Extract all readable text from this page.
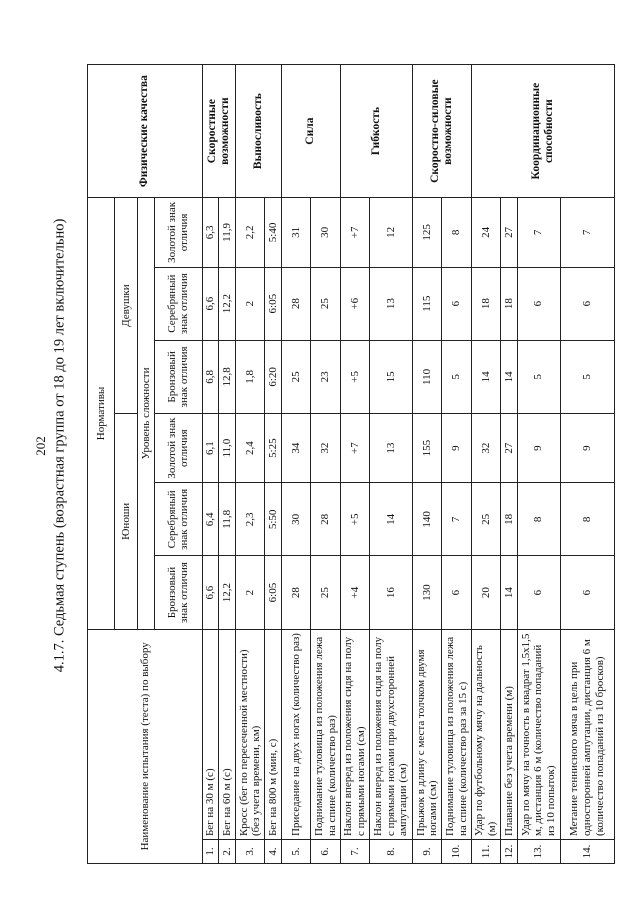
202 4.1.7. Седьмая ступень (возрастная группа от 18 до 19 лет включительно)
Наименование испытания (теста) по выбору		Нормативы						Физические качества
		Юноши			Девушки			
		Уровень сложности						
		Бронзовый знак отличия	Серебряный знак отличия	Золотой знак отличия	Бронзовый знак отличия	Серебряный знак отличия	Золотой знак отличия	
1.	Бег на 30 м (с)	6,6	6,4	6,1	6,8	6,6	6,3	Скоростные возможности
2.	Бег на 60 м (с)	12,2	11,8	11,0	12,8	12,2	11,9	
3.	Кросс (бег по пересеченной местности) (без учета времени, км)	2	2,3	2,4	1,8	2	2,2	Выносливость
4.	Бег на 800 м (мин, с)	6:05	5:50	5:25	6:20	6:05	5:40	
5.	Приседание на двух ногах (количество раз)	28	30	34	25	28	31	Сила
6.	Поднимание туловища из положения лежа на спине (количество раз)	25	28	32	23	25	30	
7.	Наклон вперед из положения сидя на полу с прямыми ногами (см)	+4	+5	+7	+5	+6	+7	Гибкость
8.	Наклон вперед из положения сидя на полу с прямыми ногами при двухсторонней ампутации (см)	16	14	13	15	13	12	
9.	Прыжок в длину с места толчком двумя ногами (см)	130	140	155	110	115	125	Скоростно-силовые возможности
10.	Поднимание туловища из положения лежа на спине (количество раз за 15 с)	6	7	9	5	6	8	
11.	Удар по футбольному мячу на дальность (м)	20	25	32	14	18	24	Координационные способности
12.	Плавание без учета времени (м)	14	18	27	14	18	27	
13.	Удар по мячу на точность в квадрат 1,5х1,5 м, дистанция 6 м (количество попаданий из 10 попыток)	6	8	9	5	6	7	
14.	Метание теннисного мяча в цель при односторонней ампутации, дистанция 6 м (количество попаданий из 10 бросков)	6	8	9	5	6	7	
